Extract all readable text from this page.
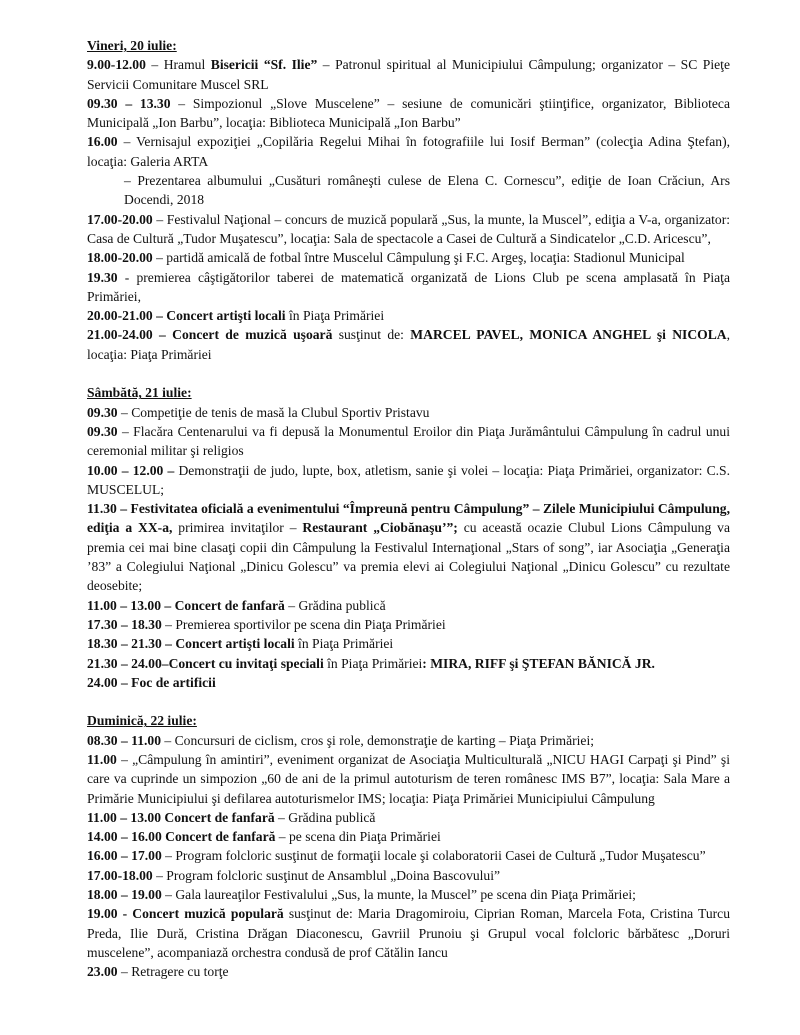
Vineri, 20 iulie:

9.00-12.00 – Hramul Bisericii “Sf. Ilie” – Patronul spiritual al Municipiului Câmpulung; organizator – SC Pieţe Servicii Comunitare Muscel SRL

09.30 – 13.30 – Simpozionul „Slove Muscelene” – sesiune de comunicări ştiinţifice, organizator, Biblioteca Municipală „Ion Barbu”, locaţia: Biblioteca Municipală „Ion Barbu”

16.00 – Vernisajul expoziţiei „Copilăria Regelui Mihai în fotografiile lui Iosif Berman” (colecţia Adina Ştefan), locaţia: Galeria ARTA

– Prezentarea albumului „Cusături româneşti culese de Elena C. Cornescu”, ediţie de Ioan Crăciun, Ars Docendi, 2018

17.00-20.00 – Festivalul Naţional – concurs de muzică populară „Sus, la munte, la Muscel”, ediţia a V-a, organizator: Casa de Cultură „Tudor Muşatescu”, locaţia: Sala de spectacole a Casei de Cultură a Sindicatelor „C.D. Aricescu”,

18.00-20.00 – partidă amicală de fotbal între Muscelul Câmpulung şi F.C. Argeş, locaţia: Stadionul Municipal

19.30 - premierea câştigătorilor taberei de matematică organizată de Lions Club pe scena amplasată în Piaţa Primăriei,

20.00-21.00 – Concert artişti locali în Piaţa Primăriei

21.00-24.00 – Concert de muzică uşoară susţinut de: MARCEL PAVEL, MONICA ANGHEL şi NICOLA, locaţia: Piaţa Primăriei

Sâmbătă, 21 iulie:

09.30 – Competiţie de tenis de masă la Clubul Sportiv Pristavu

09.30 – Flacăra Centenarului va fi depusă la Monumentul Eroilor din Piaţa Jurământului Câmpulung în cadrul unui ceremonial militar şi religios

10.00 – 12.00 – Demonstraţii de judo, lupte, box, atletism, sanie şi volei – locaţia: Piaţa Primăriei, organizator: C.S. MUSCELUL;

11.30 – Festivitatea oficială a evenimentului “Împreună pentru Câmpulung” – Zilele Municipiului Câmpulung, ediţia a XX-a, primirea invitaţilor – Restaurant „Ciobănaşu’”; cu această ocazie Clubul Lions Câmpulung va premia cei mai bine clasaţi copii din Câmpulung la Festivalul Internaţional „Stars of song”, iar Asociaţia „Generaţia ’83” a Colegiului Naţional „Dinicu Golescu” va premia elevi ai Colegiului Naţional „Dinicu Golescu” cu rezultate deosebite;

11.00 – 13.00 – Concert de fanfară – Grădina publică

17.30 – 18.30 – Premierea sportivilor pe scena din Piaţa Primăriei

18.30 – 21.30 – Concert artişti locali în Piaţa Primăriei

21.30 – 24.00–Concert cu invitaţi speciali în Piaţa Primăriei: MIRA, RIFF şi ŞTEFAN BĂNICĂ JR.

24.00 – Foc de artificii

Duminică, 22 iulie:

08.30 – 11.00 – Concursuri de ciclism, cros şi role, demonstraţie de karting – Piaţa Primăriei;

11.00 – „Câmpulung în amintiri”, eveniment organizat de Asociaţia Multiculturală „NICU HAGI Carpaţi şi Pind” şi care va cuprinde un simpozion „60 de ani de la primul autoturism de teren românesc IMS B7”, locaţia: Sala Mare a Primărie Municipiului şi defilarea autoturismelor IMS; locaţia: Piaţa Primăriei Municipiului Câmpulung

11.00 – 13.00 Concert de fanfară – Grădina publică

14.00 – 16.00 Concert de fanfară – pe scena din Piaţa Primăriei

16.00 – 17.00 – Program folcloric susţinut de formaţii locale şi colaboratorii Casei de Cultură „Tudor Muşatescu”

17.00-18.00 – Program folcloric susţinut de Ansamblul „Doina Bascovului”

18.00 – 19.00 – Gala laureaţilor Festivalului „Sus, la munte, la Muscel” pe scena din Piaţa Primăriei;

19.00 - Concert muzică populară susţinut de: Maria Dragomiroiu, Ciprian Roman, Marcela Fota, Cristina Turcu Preda, Ilie Dură, Cristina Drăgan Diaconescu, Gavriil Prunoiu şi Grupul vocal folcloric bărbătesc „Doruri muscelene”, acompaniază orchestra condusă de prof Cătălin Iancu

23.00 – Retragere cu torţe
